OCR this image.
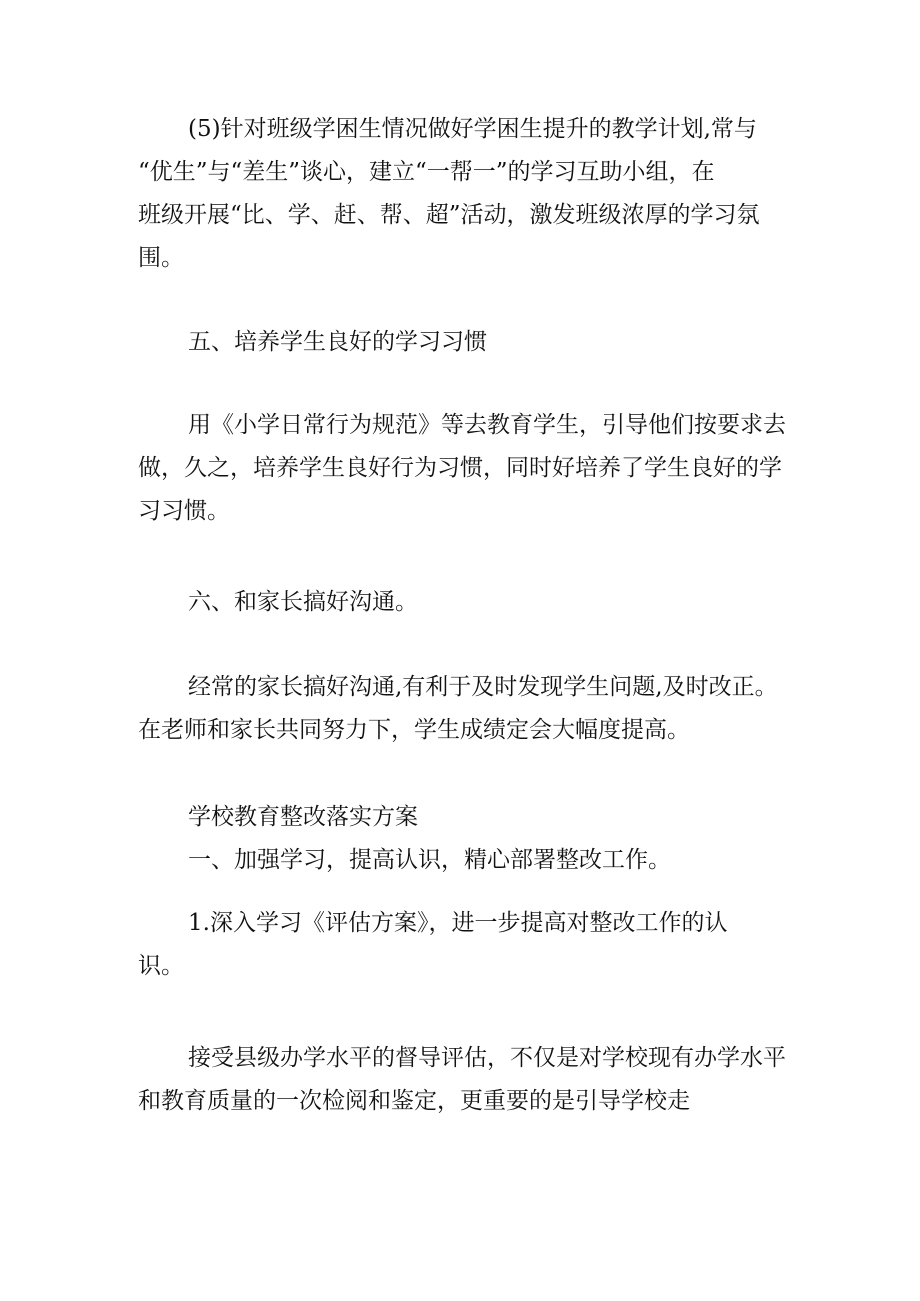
(5)针对班级学困生情况做好学困生提升的教学计划,常与
“优生”与“差生”谈心，建立“一帮一”的学习互助小组，在
班级开展“比、学、赶、帮、超”活动，激发班级浓厚的学习氛
围。
五、培养学生良好的学习习惯
用《小学日常行为规范》等去教育学生，引导他们按要求去
做，久之，培养学生良好行为习惯，同时好培养了学生良好的学
习习惯。
六、和家长搞好沟通。
经常的家长搞好沟通,有利于及时发现学生问题,及时改正。
在老师和家长共同努力下，学生成绩定会大幅度提高。
学校教育整改落实方案
一、加强学习，提高认识，精心部署整改工作。
1.深入学习《评估方案》，进一步提高对整改工作的认
识。
接受县级办学水平的督导评估，不仅是对学校现有办学水平
和教育质量的一次检阅和鉴定，更重要的是引导学校走
